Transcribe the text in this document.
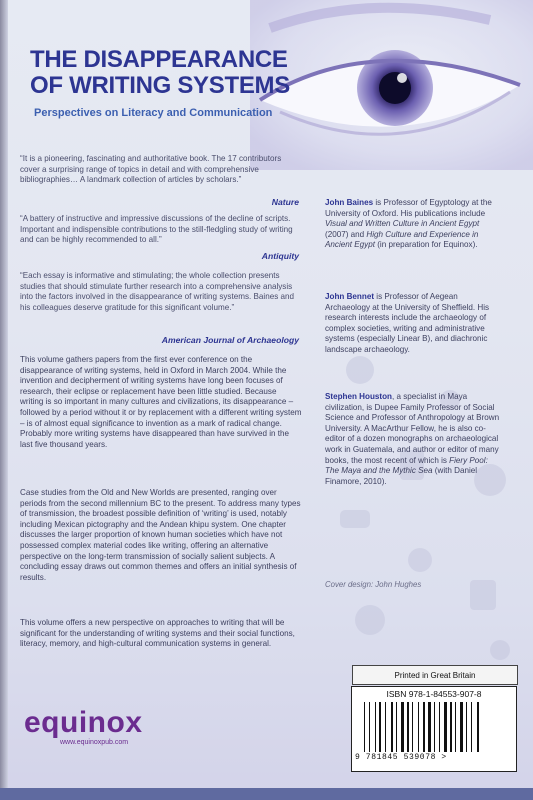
THE DISAPPEARANCE
OF WRITING SYSTEMS
Perspectives on Literacy and Communication

“It is a pioneering, fascinating and authoritative book. The 17 contributors cover a surprising range of topics in detail and with comprehensive bibliographies… A landmark collection of articles by scholars.”

Nature

“A battery of instructive and impressive discussions of the decline of scripts. Important and indispensible contributions to the still-fledgling study of writing and can be highly recommended to all.”

Antiquity

“Each essay is informative and stimulating; the whole collection presents studies that should stimulate further research into a comprehensive analysis into the factors involved in the disappearance of writing systems. Baines and his colleagues deserve gratitude for this significant volume.”

American Journal of Archaeology

This volume gathers papers from the first ever conference on the disappearance of writing systems, held in Oxford in March 2004. While the invention and decipherment of writing systems have long been focuses of research, their eclipse or replacement have been little studied. Because writing is so important in many cultures and civilizations, its disappearance – followed by a period without it or by replacement with a different writing system – is of almost equal significance to invention as a mark of radical change. Probably more writing systems have disappeared than have survived in the last five thousand years.

Case studies from the Old and New Worlds are presented, ranging over periods from the second millennium BC to the present. To address many types of transmission, the broadest possible definition of ‘writing’ is used, notably including Mexican pictography and the Andean khipu system. One chapter discusses the larger proportion of known human societies which have not possessed complex material codes like writing, offering an alternative perspective on the long-term transmission of socially salient subjects. A concluding essay draws out common themes and offers an initial synthesis of results.

This volume offers a new perspective on approaches to writing that will be significant for the understanding of writing systems and their social functions, literacy, memory, and high-cultural communication systems in general.

John Baines is Professor of Egyptology at the University of Oxford. His publications include Visual and Written Culture in Ancient Egypt (2007) and High Culture and Experience in Ancient Egypt (in preparation for Equinox).

John Bennet is Professor of Aegean Archaeology at the University of Sheffield. His research interests include the archaeology of complex societies, writing and administrative systems (especially Linear B), and diachronic landscape archaeology.

Stephen Houston, a specialist in Maya civilization, is Dupee Family Professor of Social Science and Professor of Anthropology at Brown University. A MacArthur Fellow, he is also co-editor of a dozen monographs on archaeological work in Guatemala, and author or editor of many books, the most recent of which is Fiery Pool: The Maya and the Mythic Sea (with Daniel Finamore, 2010).

Cover design: John Hughes
equinox
www.equinoxpub.com
Printed in Great Britain
ISBN 978-1-84553-907-8
9 781845 539078 >
